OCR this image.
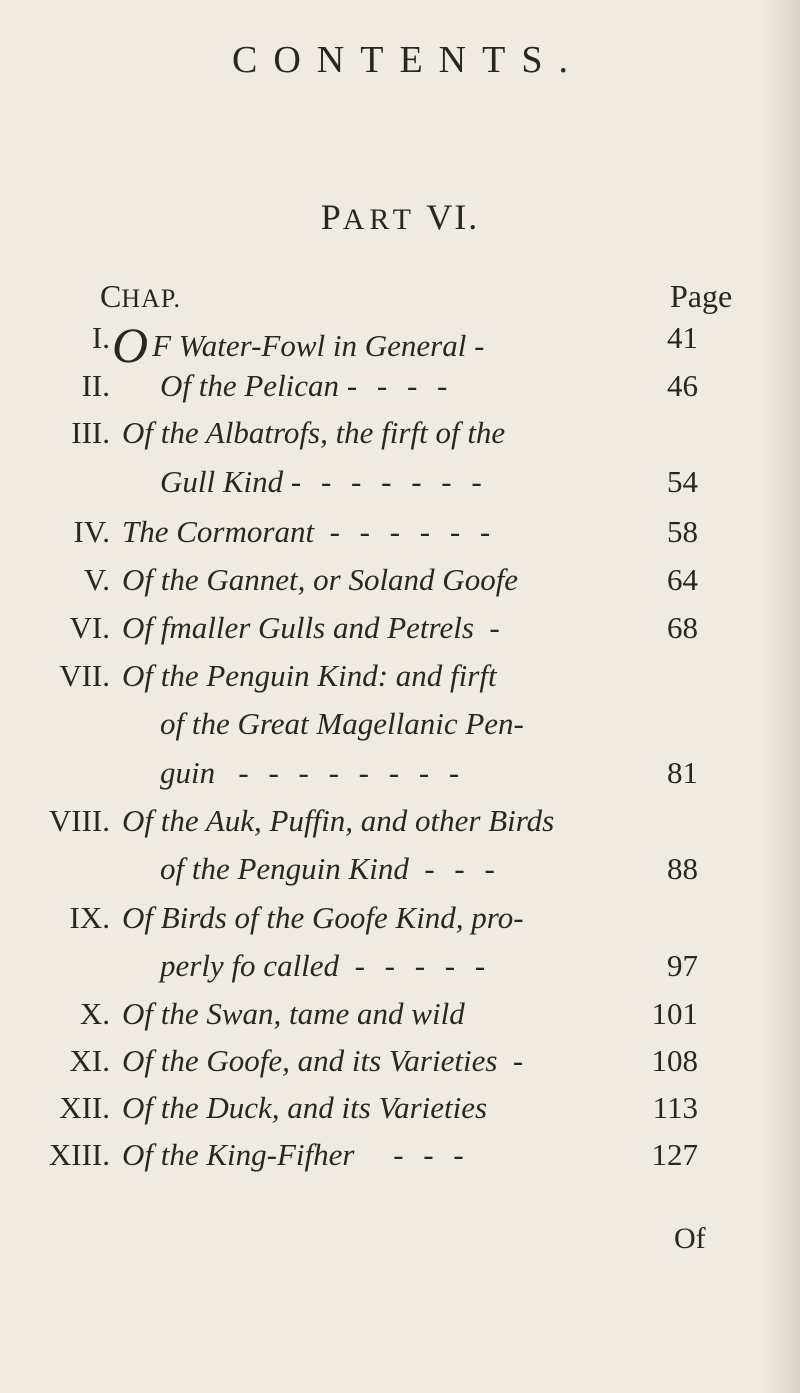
CONTENTS.
PART VI.
CHAP.	Page
I. O F Water-Fowl in General -	41
II. Of the Pelican - - - -	46
III. Of the Albatrofs, the firft of the
Gull Kind - - - - - - -	54
IV. The Cormorant - - - - - -	58
V. Of the Gannet, or Soland Goofe	64
VI. Of fmaller Gulls and Petrels -	68
VII. Of the Penguin Kind: and firft
of the Great Magellanic Pen-
guin - - - - - - - -	81
VIII. Of the Auk, Puffin, and other Birds
of the Penguin Kind - - -	88
IX. Of Birds of the Goofe Kind, pro-
perly fo called - - - - -	97
X. Of the Swan, tame and wild	101
XI. Of the Goofe, and its Varieties -	108
XII. Of the Duck, and its Varieties	113
XIII. Of the King-Fifher - - -	127
Of
